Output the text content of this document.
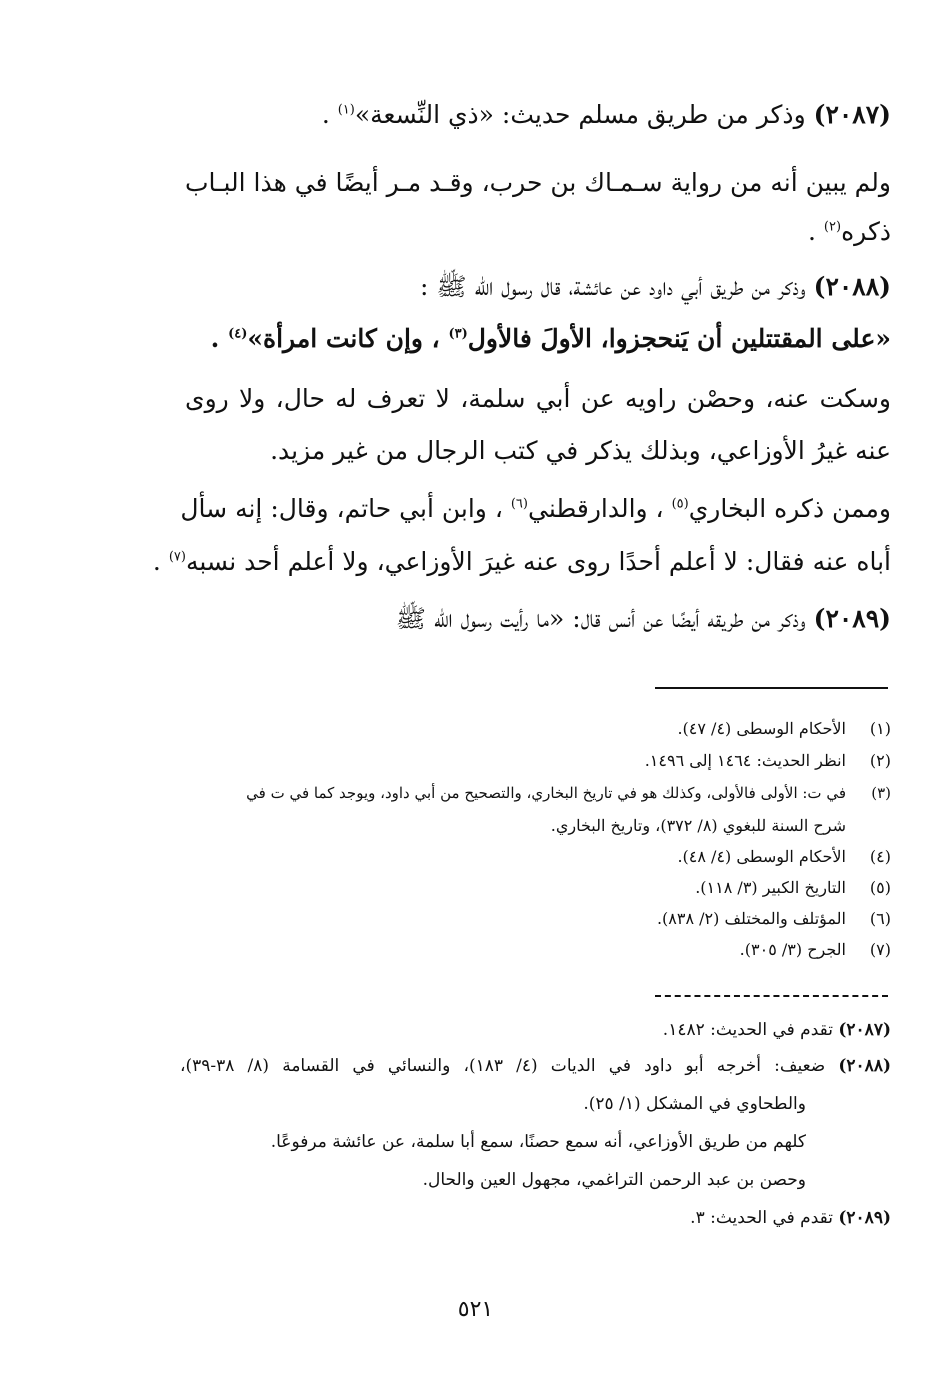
(٢٠٨٧) وذكر من طريق مسلم حديث: «ذي النِّسعة»$^{(١)}$ .
ولم يبين أنه من رواية سـمـاك بن حرب، وقـد مـر أيضًا في هذا البـاب
ذكره$^{(٢)}$ .
(٢٠٨٨) وذكر من طريق أبي داود عن عائشة، قال رسول الله ﷺ :
«على المقتتلين أن يَنحجزوا، الأولَ فالأول$^{(٣)}$ ، وإن كانت امرأة»$^{(٤)}$ .
وسكت عنه، وحصْن راويه عن أبي سلمة، لا تعرف له حال، ولا روى
عنه غيرُ الأوزاعي، وبذلك يذكر في كتب الرجال من غير مزيد.
وممن ذكره البخاري$^{(٥)}$ ، والدارقطني$^{(٦)}$ ، وابن أبي حاتم، وقال: إنه سأل
أباه عنه فقال: لا أعلم أحدًا روى عنه غيرَ الأوزاعي، ولا أعلم أحد نسبه$^{(٧)}$ .
(٢٠٨٩) وذكر من طريقه أيضًا عن أنس قال: «ما رأيت رسول الله ﷺ
(١)الأحكام الوسطى (٤/ ٤٧).
(٢)انظر الحديث: ١٤٦٤ إلى ١٤٩٦.
(٣)في ت: الأولى فالأولى، وكذلك هو في تاريخ البخاري، والتصحيح من أبي داود، ويوجد كما في ت في
شرح السنة للبغوي (٨/ ٣٧٢)، وتاريخ البخاري.
(٤)الأحكام الوسطى (٤/ ٤٨).
(٥)التاريخ الكبير (٣/ ١١٨).
(٦)المؤتلف والمختلف (٢/ ٨٣٨).
(٧)الجرح (٣/ ٣٠٥).
(٢٠٨٧) تقدم في الحديث: ١٤٨٢.
(٢٠٨٨) ضعيف: أخرجه أبو داود في الديات (٤/ ١٨٣)، والنسائي في القسامة (٨/ ٣٨-٣٩)،
والطحاوي في المشكل (١/ ٢٥).
كلهم من طريق الأوزاعي، أنه سمع حصنًا، سمع أبا سلمة، عن عائشة مرفوعًا.
وحصن بن عبد الرحمن التراغمي، مجهول العين والحال.
(٢٠٨٩) تقدم في الحديث: ٣.
٥٢١
